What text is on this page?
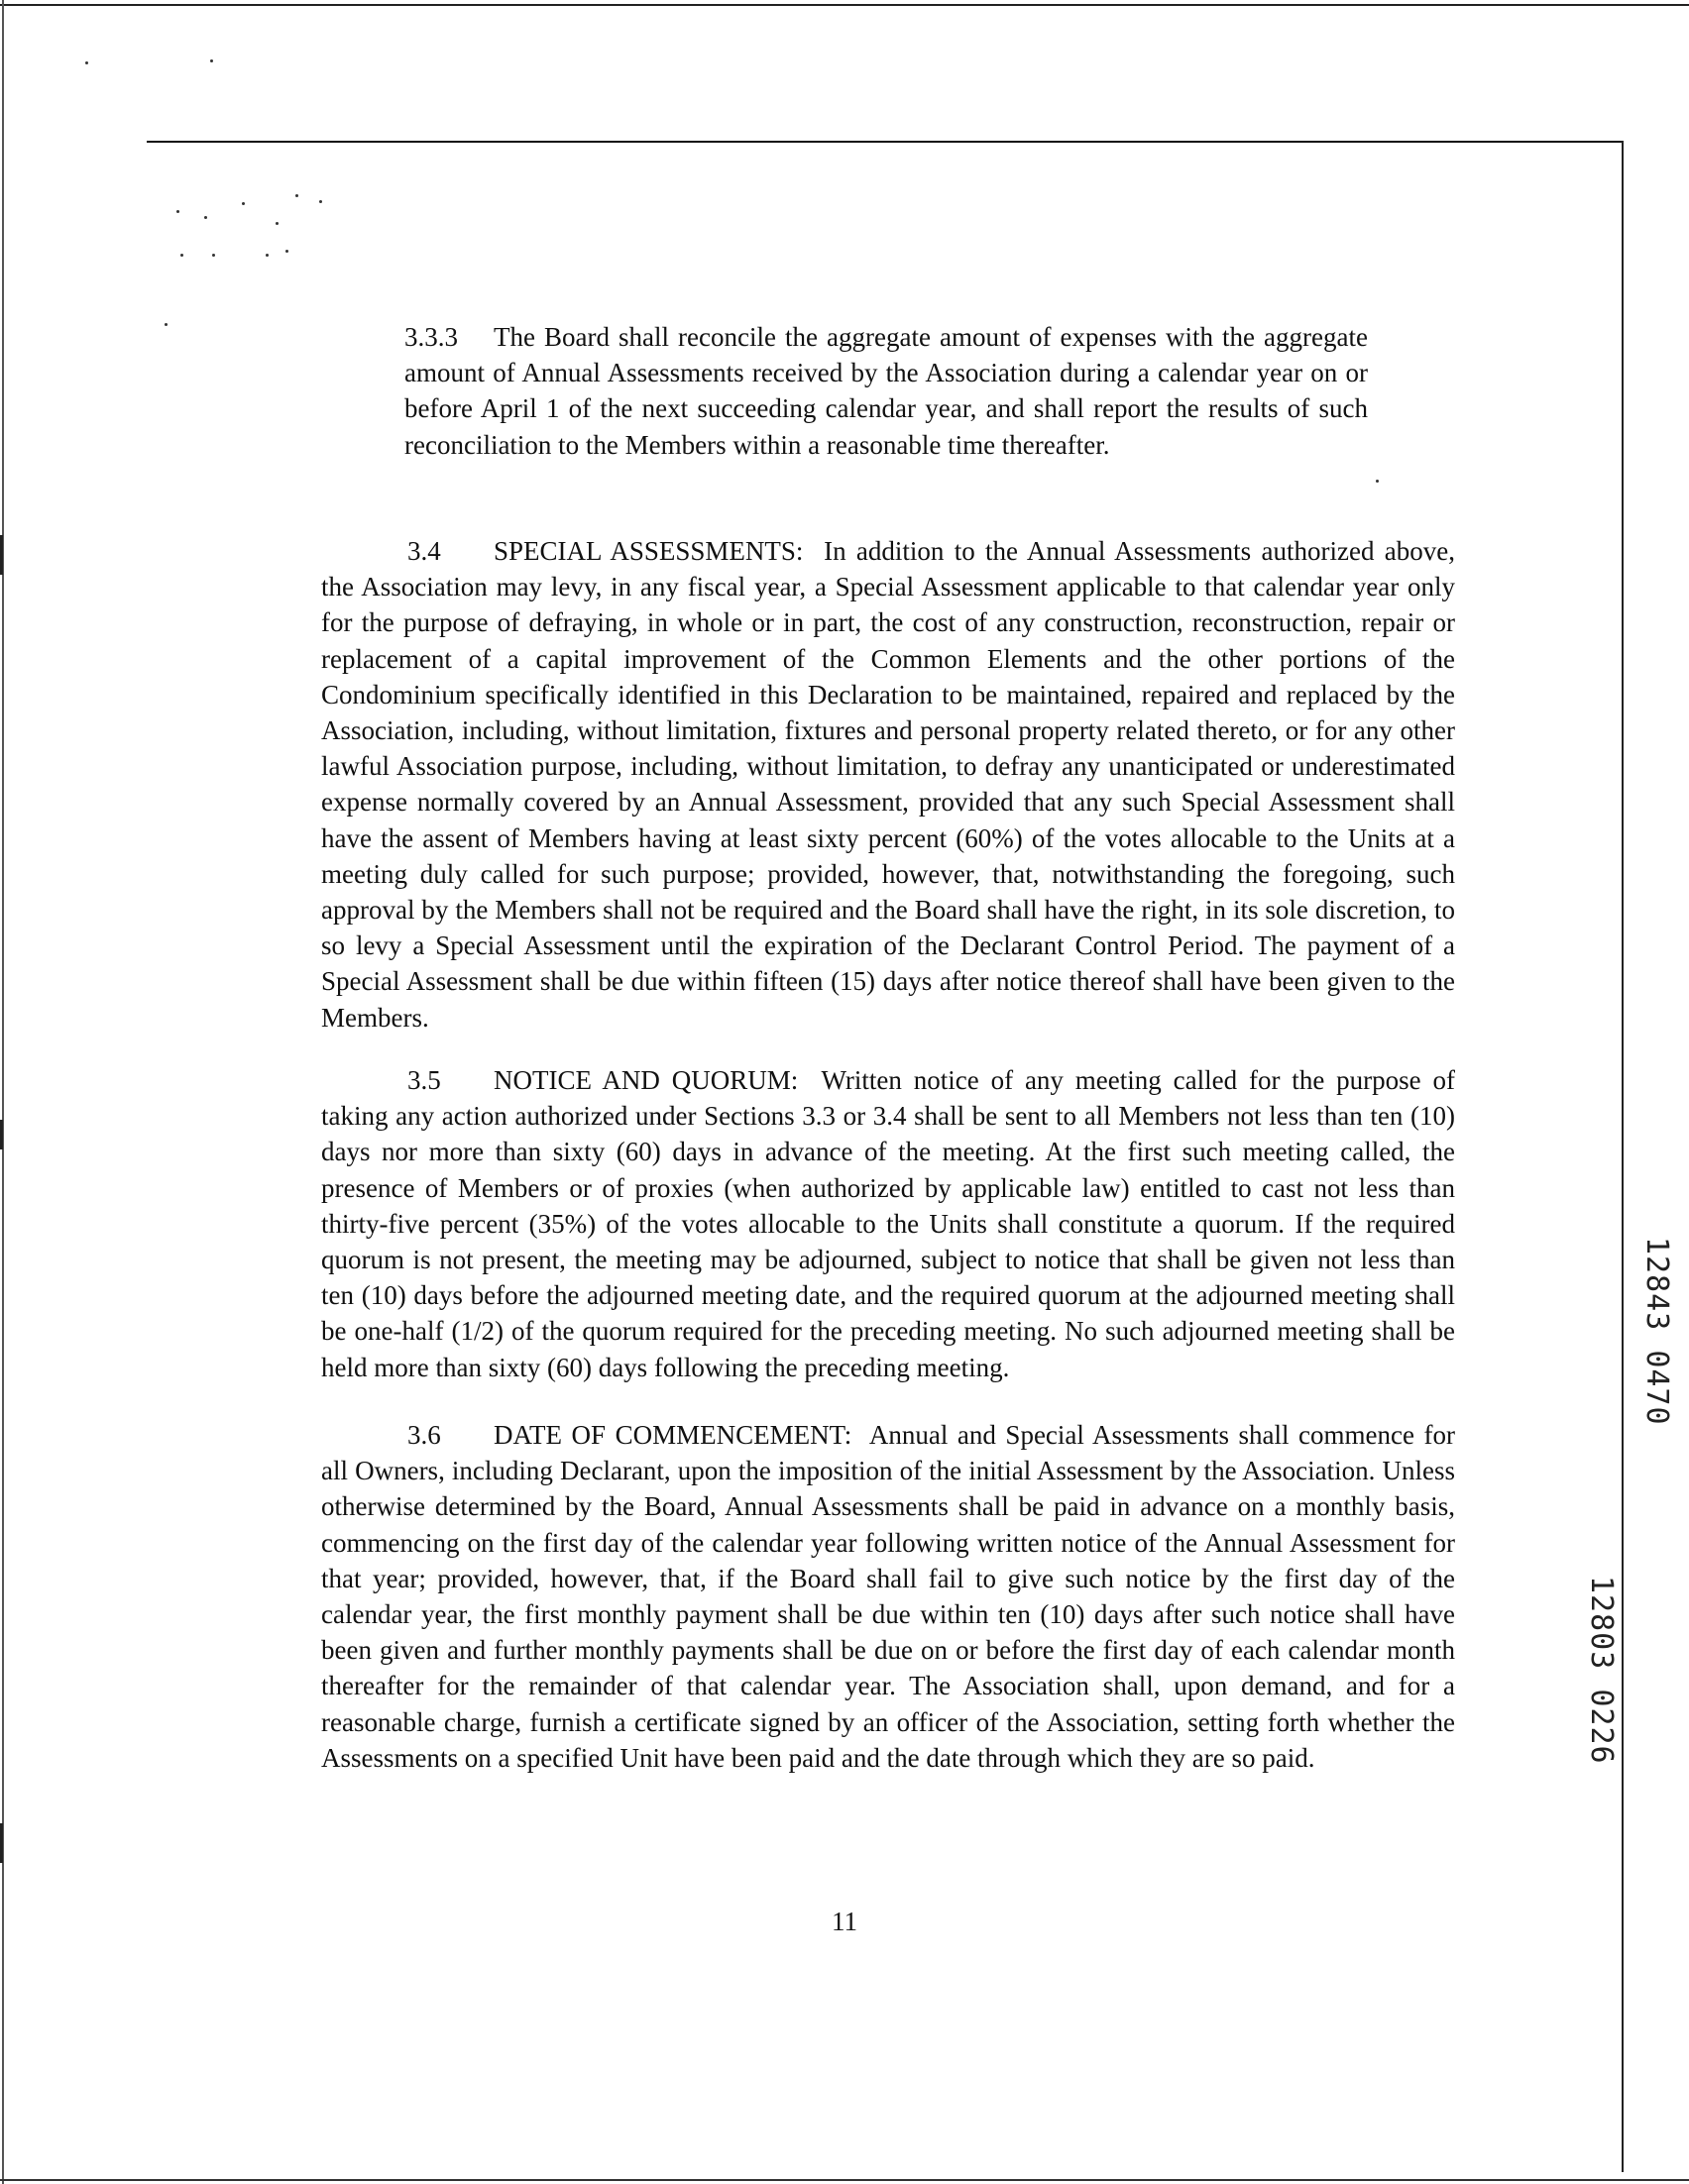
3.3.3 The Board shall reconcile the aggregate amount of expenses with the aggregate amount of Annual Assessments received by the Association during a calendar year on or before April 1 of the next succeeding calendar year, and shall report the results of such reconciliation to the Members within a reasonable time thereafter.

3.4 SPECIAL ASSESSMENTS: In addition to the Annual Assessments authorized above, the Association may levy, in any fiscal year, a Special Assessment applicable to that calendar year only for the purpose of defraying, in whole or in part, the cost of any construction, reconstruction, repair or replacement of a capital improvement of the Common Elements and the other portions of the Condominium specifically identified in this Declaration to be maintained, repaired and replaced by the Association, including, without limitation, fixtures and personal property related thereto, or for any other lawful Association purpose, including, without limitation, to defray any unanticipated or underestimated expense normally covered by an Annual Assessment, provided that any such Special Assessment shall have the assent of Members having at least sixty percent (60%) of the votes allocable to the Units at a meeting duly called for such purpose; provided, however, that, notwithstanding the foregoing, such approval by the Members shall not be required and the Board shall have the right, in its sole discretion, to so levy a Special Assessment until the expiration of the Declarant Control Period. The payment of a Special Assessment shall be due within fifteen (15) days after notice thereof shall have been given to the Members.

3.5 NOTICE AND QUORUM: Written notice of any meeting called for the purpose of taking any action authorized under Sections 3.3 or 3.4 shall be sent to all Members not less than ten (10) days nor more than sixty (60) days in advance of the meeting. At the first such meeting called, the presence of Members or of proxies (when authorized by applicable law) entitled to cast not less than thirty-five percent (35%) of the votes allocable to the Units shall constitute a quorum. If the required quorum is not present, the meeting may be adjourned, subject to notice that shall be given not less than ten (10) days before the adjourned meeting date, and the required quorum at the adjourned meeting shall be one-half (1/2) of the quorum required for the preceding meeting. No such adjourned meeting shall be held more than sixty (60) days following the preceding meeting.

3.6 DATE OF COMMENCEMENT: Annual and Special Assessments shall commence for all Owners, including Declarant, upon the imposition of the initial Assessment by the Association. Unless otherwise determined by the Board, Annual Assessments shall be paid in advance on a monthly basis, commencing on the first day of the calendar year following written notice of the Annual Assessment for that year; provided, however, that, if the Board shall fail to give such notice by the first day of the calendar year, the first monthly payment shall be due within ten (10) days after such notice shall have been given and further monthly payments shall be due on or before the first day of each calendar month thereafter for the remainder of that calendar year. The Association shall, upon demand, and for a reasonable charge, furnish a certificate signed by an officer of the Association, setting forth whether the Assessments on a specified Unit have been paid and the date through which they are so paid.

11
12843 0470
12803 0226
